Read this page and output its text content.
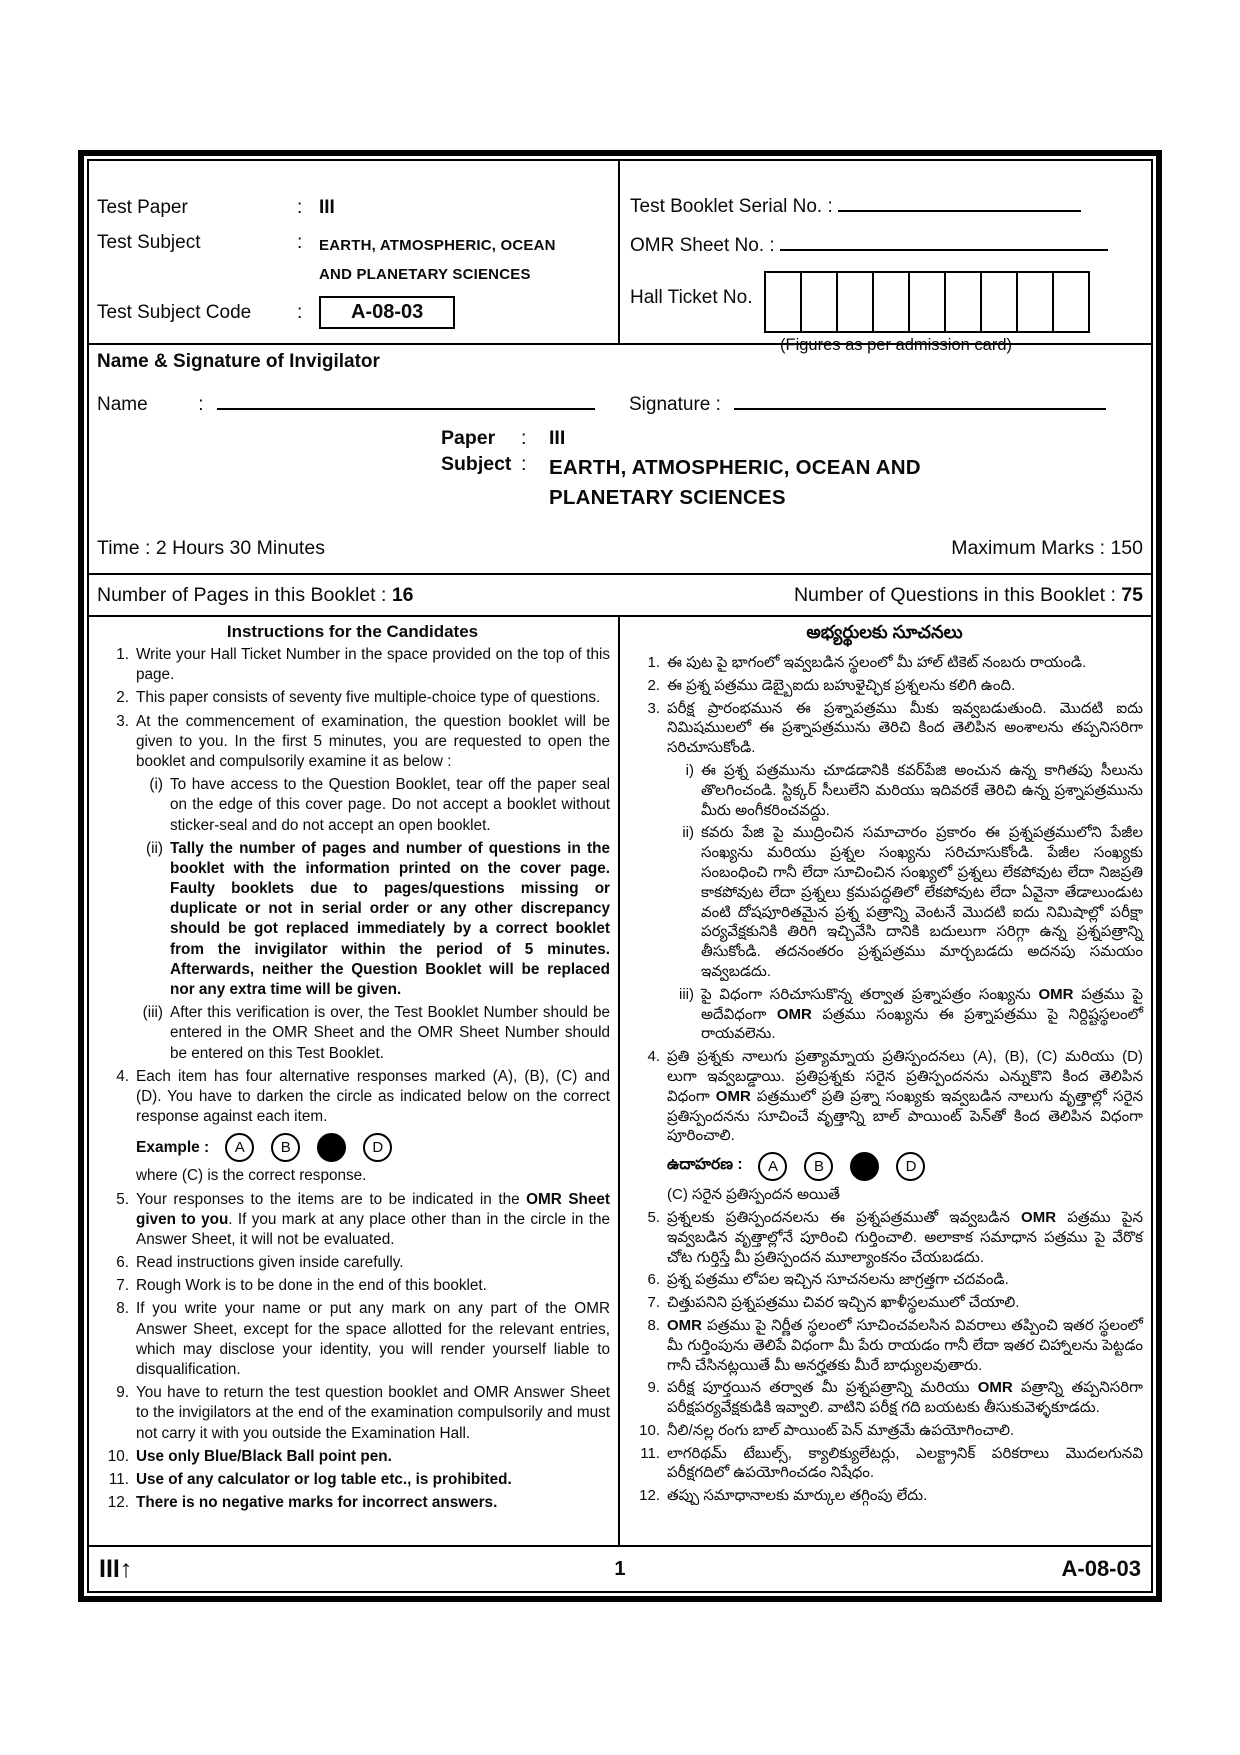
Test Paper	: III
Test Subject	:	EARTH, ATMOSPHERIC, OCEAN
AND PLANETARY SCIENCES
Test Subject Code	:	A-08-03
Test Booklet Serial No. :
OMR Sheet No. :
Hall Ticket No.
(Figures as per admission card)
Name & Signature of Invigilator
Name	:	Signature :
Paper	:	III
Subject :	EARTH, ATMOSPHERIC, OCEAN AND
PLANETARY SCIENCES
Time : 2 Hours 30 Minutes	Maximum Marks : 150
Number of Pages in this Booklet : 16	Number of Questions in this Booklet : 75
Instructions for the Candidates
1. Write your Hall Ticket Number in the space provided on the top of this page.
2. This paper consists of seventy five multiple-choice type of questions.
3. At the commencement of examination, the question booklet will be given to you. In the first 5 minutes, you are requested to open the booklet and compulsorily examine it as below :
(i) To have access to the Question Booklet, tear off the paper seal on the edge of this cover page. Do not accept a booklet without sticker-seal and do not accept an open booklet.
(ii) Tally the number of pages and number of questions in the booklet with the information printed on the cover page. Faulty booklets due to pages/questions missing or duplicate or not in serial order or any other discrepancy should be got replaced immediately by a correct booklet from the invigilator within the period of 5 minutes. Afterwards, neither the Question Booklet will be replaced nor any extra time will be given.
(iii) After this verification is over, the Test Booklet Number should be entered in the OMR Sheet and the OMR Sheet Number should be entered on this Test Booklet.
4. Each item has four alternative responses marked (A), (B), (C) and (D). You have to darken the circle as indicated below on the correct response against each item.
Example :	A	B	D
where (C) is the correct response.
5. Your responses to the items are to be indicated in the OMR Sheet given to you. If you mark at any place other than in the circle in the Answer Sheet, it will not be evaluated.
6. Read instructions given inside carefully.
7. Rough Work is to be done in the end of this booklet.
8. If you write your name or put any mark on any part of the OMR Answer Sheet, except for the space allotted for the relevant entries, which may disclose your identity, you will render yourself liable to disqualification.
9. You have to return the test question booklet and OMR Answer Sheet to the invigilators at the end of the examination compulsorily and must not carry it with you outside the Examination Hall.
10. Use only Blue/Black Ball point pen.
11. Use of any calculator or log table etc., is prohibited.
12. There is no negative marks for incorrect answers.
అభ్యర్థులకు సూచనలు
1. ఈ పుట పై భాగంలో ఇవ్వబడిన స్థలంలో మీ హాల్ టికెట్ నంబరు రాయండి.
2. ఈ ప్రశ్న పత్రము డెబ్బైఐదు బహుళైచ్ఛిక ప్రశ్నలను కలిగి ఉంది.
3. పరీక్ష ప్రారంభమున ఈ ప్రశ్నాపత్రము మీకు ఇవ్వబడుతుంది. మొదటి ఐదు నిమిషములలో ఈ ప్రశ్నాపత్రమును తెరిచి కింద తెలిపిన అంశాలను తప్పనిసరిగా సరిచూసుకోండి.
i) ఈ ప్రశ్న పత్రమును చూడడానికి కవర్‌పేజి అంచున ఉన్న కాగితపు సీలును తొలగించండి. స్టిక్కర్ సీలులేని మరియు ఇదివరకే తెరిచి ఉన్న ప్రశ్నాపత్రమును మీరు అంగీకరించవద్దు.
ii) కవరు పేజి పై ముద్రించిన సమాచారం ప్రకారం ఈ ప్రశ్నపత్రములోని పేజీల సంఖ్యను మరియు ప్రశ్నల సంఖ్యను సరిచూసుకోండి. పేజీల సంఖ్యకు సంబంధించి గానీ లేదా సూచించిన సంఖ్యలో ప్రశ్నలు లేకపోవుట లేదా నిజప్రతి కాకపోవుట లేదా ప్రశ్నలు క్రమపద్ధతిలో లేకపోవుట లేదా ఏవైనా తేడాలుండుట వంటి దోషపూరితమైన ప్రశ్న పత్రాన్ని వెంటనే మొదటి ఐదు నిమిషాల్లో పరీక్షా పర్యవేక్షకునికి తిరిగి ఇచ్చివేసి దానికి బదులుగా సరిగ్గా ఉన్న ప్రశ్నపత్రాన్ని తీసుకోండి. తదనంతరం ప్రశ్నపత్రము మార్చబడదు అదనపు సమయం ఇవ్వబడదు.
iii) పై విధంగా సరిచూసుకొన్న తర్వాత ప్రశ్నాపత్రం సంఖ్యను OMR పత్రము పై అదేవిధంగా OMR పత్రము సంఖ్యను ఈ ప్రశ్నాపత్రము పై నిర్దిష్టస్థలంలో రాయవలెను.
4. ప్రతి ప్రశ్నకు నాలుగు ప్రత్యామ్నాయ ప్రతిస్పందనలు (A), (B), (C) మరియు (D) లుగా ఇవ్వబడ్డాయి. ప్రతిప్రశ్నకు సరైన ప్రతిస్పందనను ఎన్నుకొని కింద తెలిపిన విధంగా OMR పత్రములో ప్రతి ప్రశ్నా సంఖ్యకు ఇవ్వబడిన నాలుగు వృత్తాల్లో సరైన ప్రతిస్పందనను సూచించే వృత్తాన్ని బాల్ పాయింట్ పెన్‌తో కింద తెలిపిన విధంగా పూరించాలి.
ఉదాహరణ :	A	B	D
(C) సరైన ప్రతిస్పందన అయితే
5. ప్రశ్నలకు ప్రతిస్పందనలను ఈ ప్రశ్నపత్రముతో ఇవ్వబడిన OMR పత్రము పైన ఇవ్వబడిన వృత్తాల్లోనే పూరించి గుర్తించాలి. అలాకాక సమాధాన పత్రము పై వేరొక చోట గుర్తిస్తే మీ ప్రతిస్పందన మూల్యాంకనం చేయబడదు.
6. ప్రశ్న పత్రము లోపల ఇచ్చిన సూచనలను జాగ్రత్తగా చదవండి.
7. చిత్తుపనిని ప్రశ్నపత్రము చివర ఇచ్చిన ఖాళీస్థలములో చేయాలి.
8. OMR పత్రము పై నిర్ణీత స్థలంలో సూచించవలసిన వివరాలు తప్పించి ఇతర స్థలంలో మీ గుర్తింపును తెలిపే విధంగా మీ పేరు రాయడం గానీ లేదా ఇతర చిహ్నాలను పెట్టడం గానీ చేసినట్లయితే మీ అనర్హతకు మీరే బాధ్యులవుతారు.
9. పరీక్ష పూర్తయిన తర్వాత మీ ప్రశ్నపత్రాన్ని మరియు OMR పత్రాన్ని తప్పనిసరిగా పరీక్షపర్యవేక్షకుడికి ఇవ్వాలి. వాటిని పరీక్ష గది బయటకు తీసుకువెళ్ళకూడదు.
10. నీలి/నల్ల రంగు బాల్ పాయింట్ పెన్ మాత్రమే ఉపయోగించాలి.
11. లాగరిథమ్ టేబుల్స్, క్యాలిక్యులేటర్లు, ఎలక్ట్రానిక్ పరికరాలు మొదలగునవి పరీక్షగదిలో ఉపయోగించడం నిషేధం.
12. తప్పు సమాధానాలకు మార్కుల తగ్గింపు లేదు.
III↑	1	A-08-03
